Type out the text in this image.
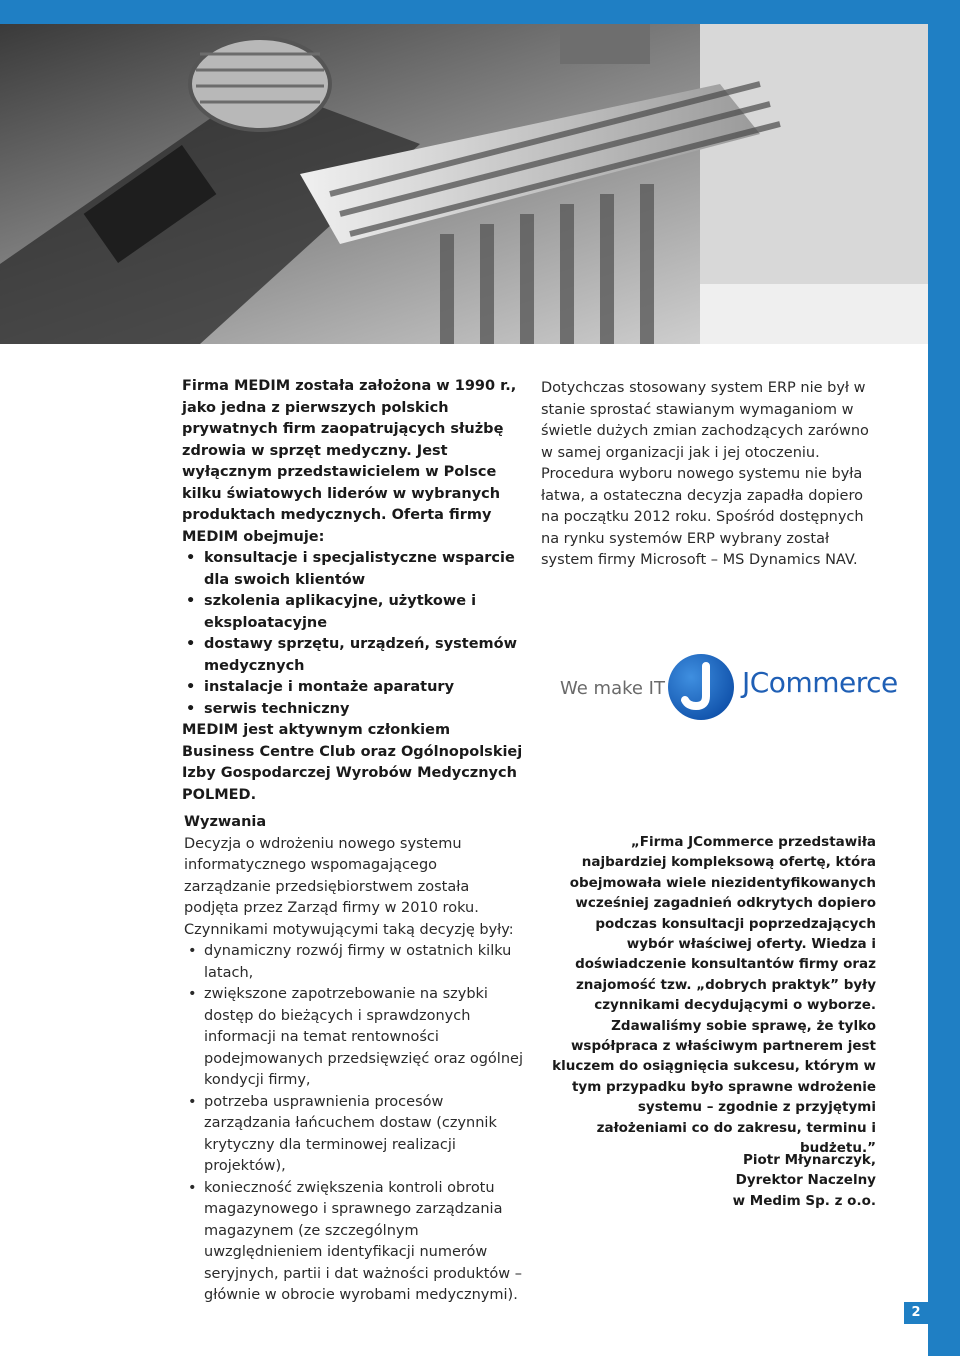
Firma MEDIM została założona w 1990 r., jako jedna z pierwszych polskich prywatnych firm zaopatrujących służbę zdrowia w sprzęt medyczny. Jest wyłącznym przedstawicielem w Polsce kilku światowych liderów w wybranych produktach medycznych. Oferta firmy MEDIM obejmuje:

• konsultacje i specjalistyczne wsparcie dla swoich klientów
• szkolenia aplikacyjne, użytkowe i eksploatacyjne
• dostawy sprzętu, urządzeń, systemów medycznych
• instalacje i montaże aparatury
• serwis techniczny

MEDIM jest aktywnym członkiem Business Centre Club oraz Ogólnopolskiej Izby Gospodarczej Wyrobów Medycznych POLMED.

Dotychczas stosowany system ERP nie był w stanie sprostać stawianym wymaganiom w świetle dużych zmian zachodzących zarówno w samej organizacji jak i jej otoczeniu. Procedura wyboru nowego systemu nie była łatwa, a ostateczna decyzja zapadła dopiero na początku 2012 roku. Spośród dostępnych na rynku systemów ERP wybrany został system firmy Microsoft – MS Dynamics NAV.

We make IT	JCommerce

Wyzwania

Decyzja o wdrożeniu nowego systemu informatycznego wspomagającego zarządzanie przedsiębiorstwem została podjęta przez Zarząd firmy w 2010 roku. Czynnikami motywującymi taką decyzję były:

• dynamiczny rozwój firmy w ostatnich kilku latach,
• zwiększone zapotrzebowanie na szybki dostęp do bieżących i sprawdzonych informacji na temat rentowności podejmowanych przedsięwzięć oraz ogólnej kondycji firmy,
• potrzeba usprawnienia procesów zarządzania łańcuchem dostaw (czynnik krytyczny dla terminowej realizacji projektów),
• konieczność zwiększenia kontroli obrotu magazynowego i sprawnego zarządzania magazynem (ze szczególnym uwzględnieniem identyfikacji numerów seryjnych, partii i dat ważności produktów – głównie w obrocie wyrobami medycznymi).
„Firma JCommerce przedstawiła najbardziej kompleksową ofertę, która obejmowała wiele niezidentyfikowanych wcześniej zagadnień odkrytych dopiero podczas konsultacji poprzedzających wybór właściwej oferty. Wiedza i doświadczenie konsultantów firmy oraz znajomość tzw. „dobrych praktyk” były czynnikami decydującymi o wyborze. Zdawaliśmy sobie sprawę, że tylko współpraca z właściwym partnerem jest kluczem do osiągnięcia sukcesu, którym w tym przypadku było sprawne wdrożenie systemu – zgodnie z przyjętymi założeniami co do zakresu, terminu i budżetu.”
Piotr Młynarczyk,
Dyrektor Naczelny
w Medim Sp. z o.o.
2
